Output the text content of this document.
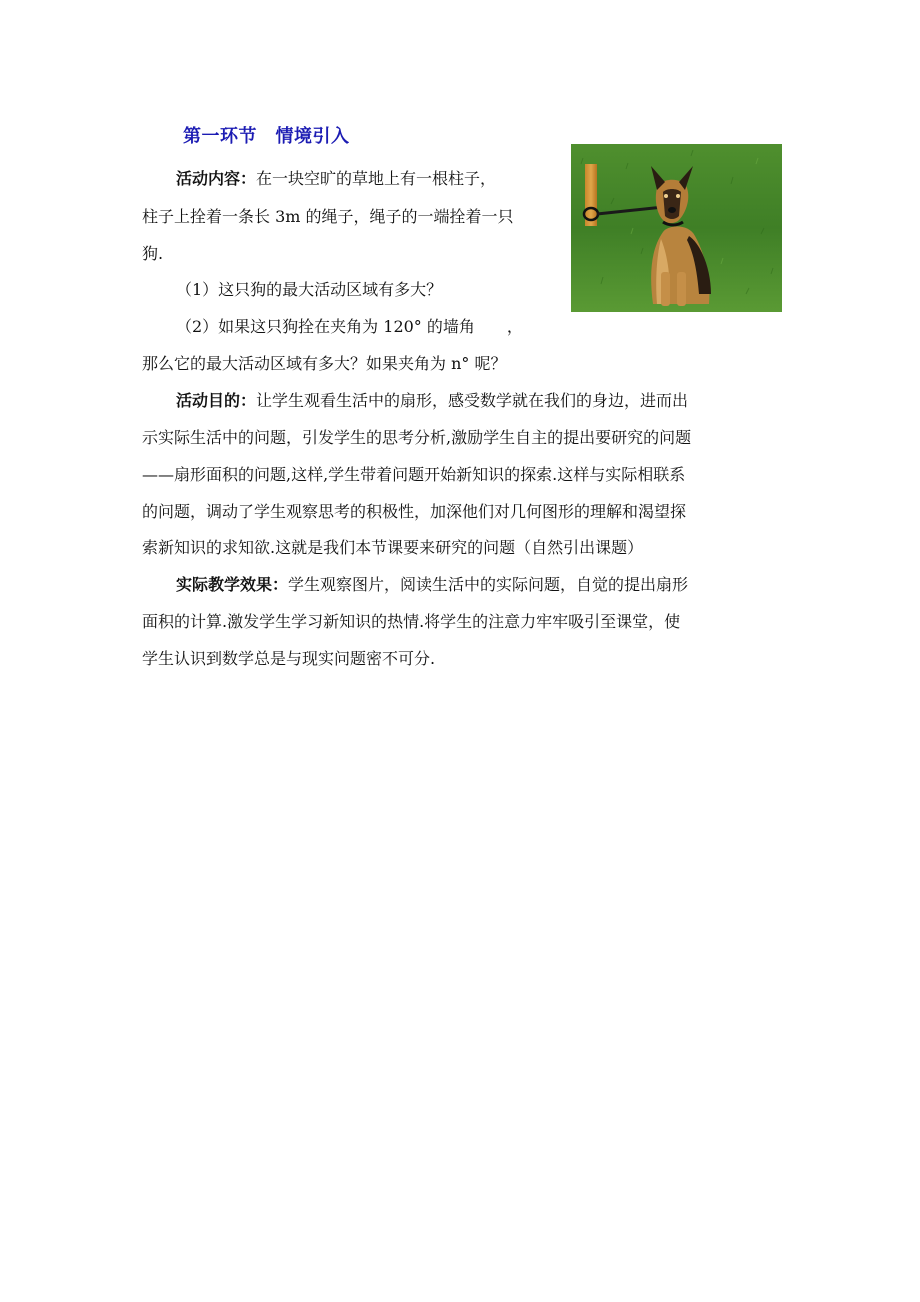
第一环节　情境引入
活动内容：在一块空旷的草地上有一根柱子，
柱子上拴着一条长 3m 的绳子，绳子的一端拴着一只
狗.
（1）这只狗的最大活动区域有多大？
（2）如果这只狗拴在夹角为 120° 的墙角　　，
那么它的最大活动区域有多大？如果夹角为 n° 呢？
活动目的：让学生观看生活中的扇形，感受数学就在我们的身边，进而出
示实际生活中的问题，引发学生的思考分析,激励学生自主的提出要研究的问题
——扇形面积的问题,这样,学生带着问题开始新知识的探索.这样与实际相联系
的问题，调动了学生观察思考的积极性，加深他们对几何图形的理解和渴望探
索新知识的求知欲.这就是我们本节课要来研究的问题（自然引出课题）
实际教学效果：学生观察图片，阅读生活中的实际问题，自觉的提出扇形
面积的计算.激发学生学习新知识的热情.将学生的注意力牢牢吸引至课堂，使
学生认识到数学总是与现实问题密不可分.
